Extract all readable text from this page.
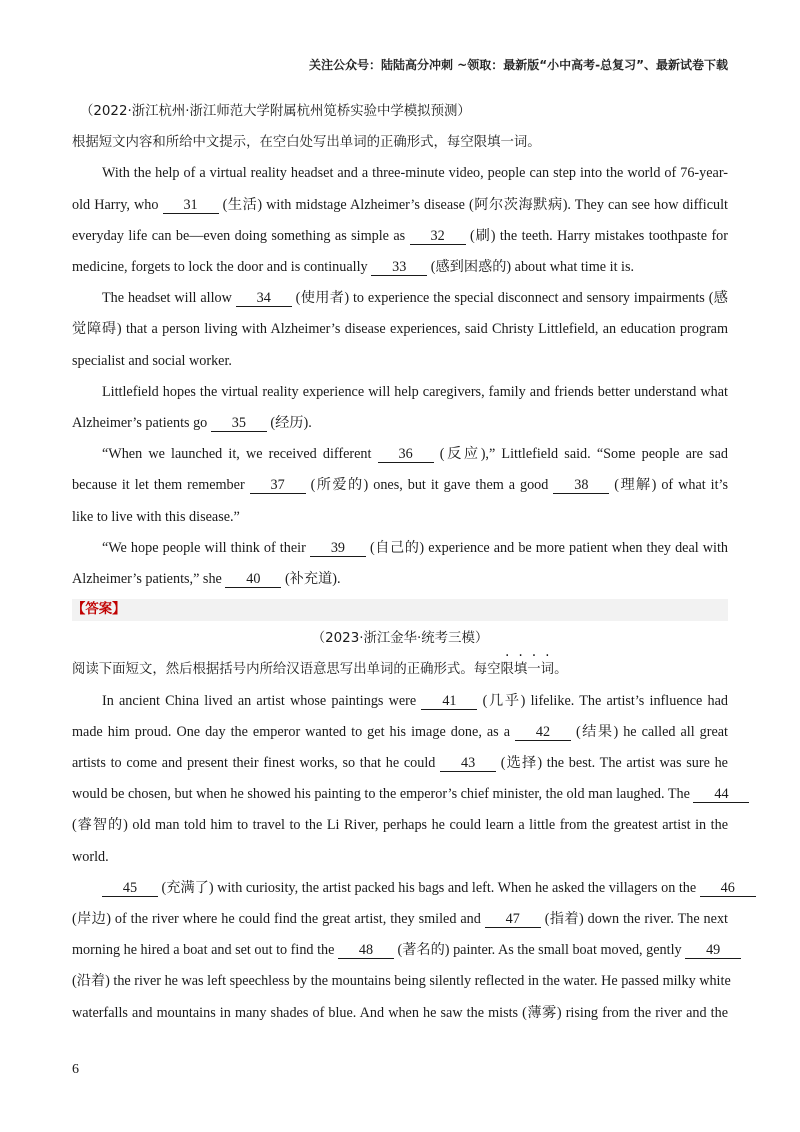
关注公众号：陆陆高分冲刺 ~领取：最新版“小中高考-总复习”、最新试卷下载

（2022·浙江杭州·浙江师范大学附属杭州笕桥实验中学模拟预测）

根据短文内容和所给中文提示，在空白处写出单词的正确形式，每空限填一词。

With the help of a virtual reality headset and a three-minute video, people can step into the world of 76-year-

old Harry, who 31 (生活) with midstage Alzheimer’s disease (阿尔茨海默病). They can see how difficult

everyday life can be—even doing something as simple as 32 (刷) the teeth. Harry mistakes toothpaste for

medicine, forgets to lock the door and is continually 33 (感到困惑的) about what time it is.

The headset will allow 34 (使用者) to experience the special disconnect and sensory impairments (感

觉障碍) that a person living with Alzheimer’s disease experiences, said Christy Littlefield, an education program

specialist and social worker.

Littlefield hopes the virtual reality experience will help caregivers, family and friends better understand what

Alzheimer’s patients go 35 (经历).

“When we launched it, we received different 36 (反应),” Littlefield said. “Some people are sad

because it let them remember 37 (所爱的) ones, but it gave them a good 38 (理解) of what it’s

like to live with this disease.”

“We hope people will think of their 39 (自己的) experience and be more patient when they deal with

Alzheimer’s patients,” she 40 (补充道).

【答案】

（2023·浙江金华·统考三模）

阅读下面短文，然后根据括号内所给汉语意思写出单词的正确形式。每空限填一词。

In ancient China lived an artist whose paintings were 41 (几乎) lifelike. The artist’s influence had

made him proud. One day the emperor wanted to get his image done, as a 42 (结果) he called all great

artists to come and present their finest works, so that he could 43 (选择) the best. The artist was sure he

would be chosen, but when he showed his painting to the emperor’s chief minister, the old man laughed. The 44

(睿智的) old man told him to travel to the Li River, perhaps he could learn a little from the greatest artist in the

world.

45 (充满了) with curiosity, the artist packed his bags and left. When he asked the villagers on the 46

(岸边) of the river where he could find the great artist, they smiled and 47 (指着) down the river. The next

morning he hired a boat and set out to find the 48 (著名的) painter. As the small boat moved, gently 49

(沿着) the river he was left speechless by the mountains being silently reflected in the water. He passed milky white

waterfalls and mountains in many shades of blue. And when he saw the mists (薄雾) rising from the river and the

6
